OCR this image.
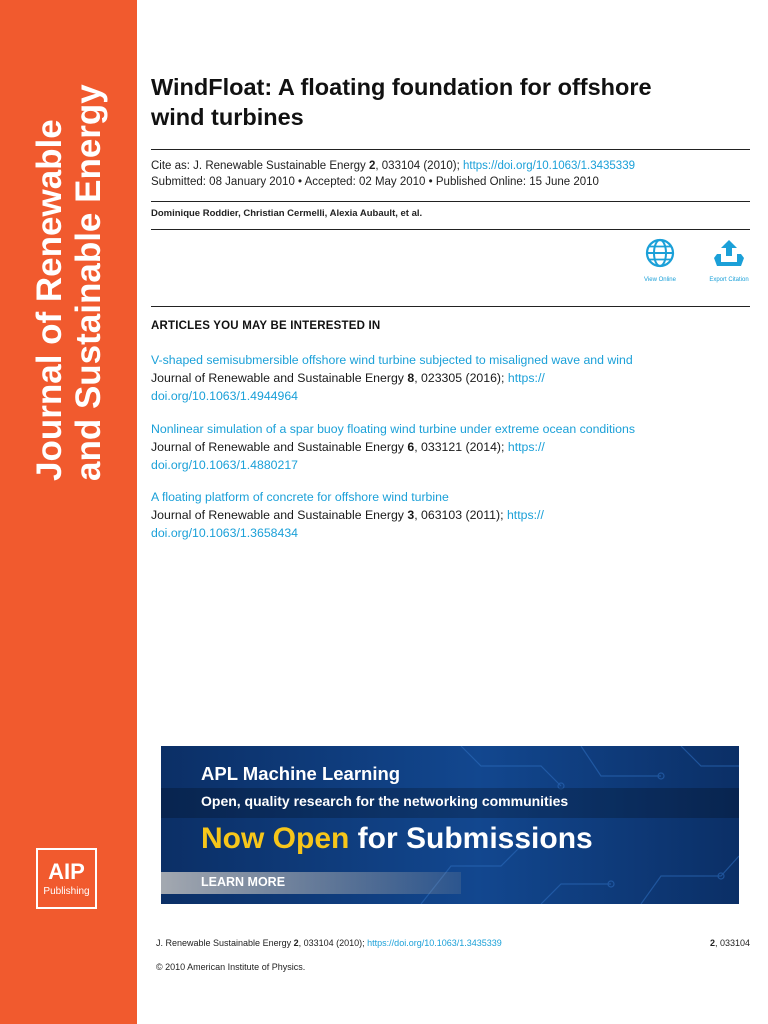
Journal of Renewable and Sustainable Energy
AIP
Publishing
WindFloat: A floating foundation for offshore
wind turbines
Cite as: J. Renewable Sustainable Energy 2, 033104 (2010); https://doi.org/10.1063/1.3435339
Submitted: 08 January 2010 • Accepted: 02 May 2010 • Published Online: 15 June 2010
Dominique Roddier, Christian Cermelli, Alexia Aubault, et al.
View Online	Export Citation
ARTICLES YOU MAY BE INTERESTED IN
V-shaped semisubmersible offshore wind turbine subjected to misaligned wave and wind
Journal of Renewable and Sustainable Energy 8, 023305 (2016); https://
doi.org/10.1063/1.4944964
Nonlinear simulation of a spar buoy floating wind turbine under extreme ocean conditions
Journal of Renewable and Sustainable Energy 6, 033121 (2014); https://
doi.org/10.1063/1.4880217
A floating platform of concrete for offshore wind turbine
Journal of Renewable and Sustainable Energy 3, 063103 (2011); https://
doi.org/10.1063/1.3658434
APL Machine Learning
Open, quality research for the networking communities
Now Open for Submissions
LEARN MORE
J. Renewable Sustainable Energy 2, 033104 (2010); https://doi.org/10.1063/1.3435339	2, 033104
© 2010 American Institute of Physics.
